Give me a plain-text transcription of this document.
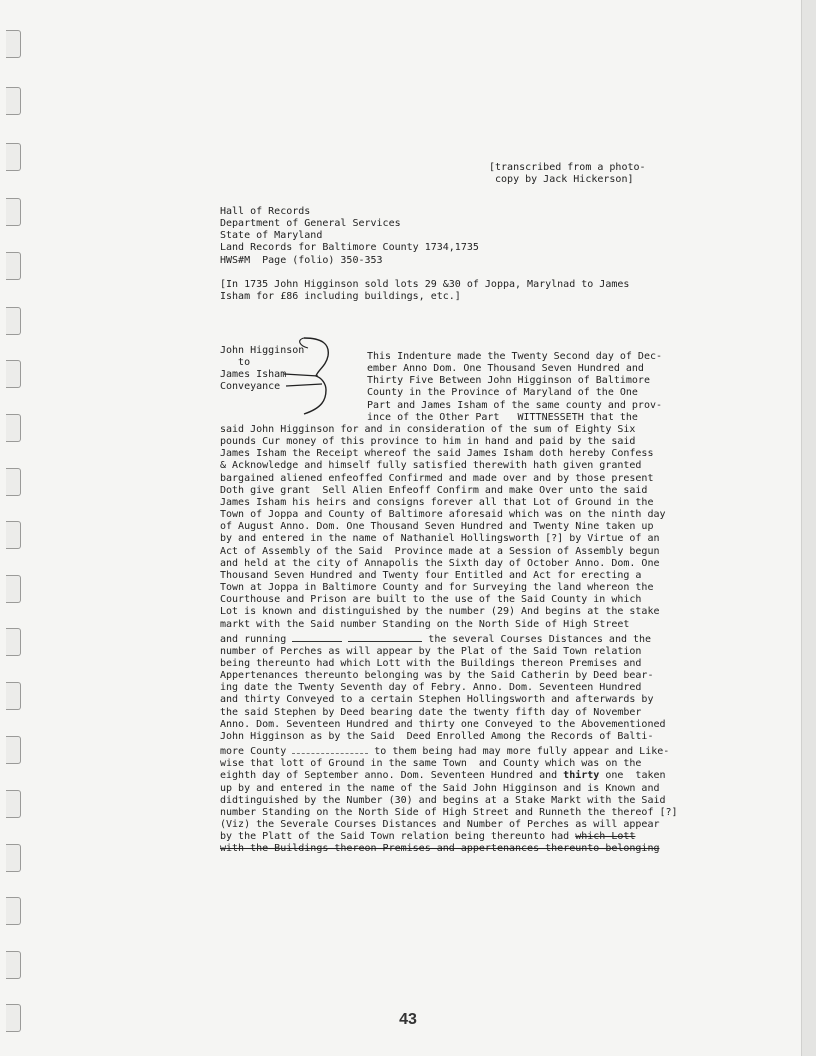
[transcribed from a photo-
copy by Jack Hickerson]
Hall of Records
Department of General Services
State of Maryland
Land Records for Baltimore County 1734,1735
HWS#M  Page (folio) 350-353
[In 1735 John Higginson sold lots 29 &30 of Joppa, Marylnad to James
Isham for £86 including buildings, etc.]
John Higginson
to
James Isham
Conveyance
This Indenture made the Twenty Second day of Dec-
ember Anno Dom. One Thousand Seven Hundred and
Thirty Five Between John Higginson of Baltimore
County in the Province of Maryland of the One
Part and James Isham of the same county and prov-
ince of the Other Part   WITTNESSETH that the
said John Higginson for and in consideration of the sum of Eighty Six
pounds Cur money of this province to him in hand and paid by the said
James Isham the Receipt whereof the said James Isham doth hereby Confess
& Acknowledge and himself fully satisfied therewith hath given granted
bargained aliened enfeoffed Confirmed and made over and by those present
Doth give grant  Sell Alien Enfeoff Confirm and make Over unto the said
James Isham his heirs and consigns forever all that Lot of Ground in the
Town of Joppa and County of Baltimore aforesaid which was on the ninth day
of August Anno. Dom. One Thousand Seven Hundred and Twenty Nine taken up
by and entered in the name of Nathaniel Hollingsworth [?] by Virtue of an
Act of Assembly of the Said  Province made at a Session of Assembly begun
and held at the city of Annapolis the Sixth day of October Anno. Dom. One
Thousand Seven Hundred and Twenty four Entitled and Act for erecting a
Town at Joppa in Baltimore County and for Surveying the land whereon the
Courthouse and Prison are built to the use of the Said County in which
Lot is known and distinguished by the number (29) And begins at the stake
markt with the Said number Standing on the North Side of High Street
and running	the several Courses Distances and the
number of Perches as will appear by the Plat of the Said Town relation
being thereunto had which Lott with the Buildings thereon Premises and
Appertenances thereunto belonging was by the Said Catherin by Deed bear-
ing date the Twenty Seventh day of Febry. Anno. Dom. Seventeen Hundred
and thirty Conveyed to a certain Stephen Hollingsworth and afterwards by
the said Stephen by Deed bearing date the twenty fifth day of November
Anno. Dom. Seventeen Hundred and thirty one Conveyed to the Abovementioned
John Higginson as by the Said  Deed Enrolled Among the Records of Balti-
more County	to them being had may more fully appear and Like-
wise that lott of Ground in the same Town  and County which was on the
eighth day of September anno. Dom. Seventeen Hundred and thirty one  taken
up by and entered in the name of the Said John Higginson and is Known and
didtinguished by the Number (30) and begins at a Stake Markt with the Said
number Standing on the North Side of High Street and Runneth the thereof [?]
(Viz) the Severale Courses Distances and Number of Perches as will appear
by the Platt of the Said Town relation being thereunto had which Lott
with the Buildings thereon Premises and appertenances thereunto belonging
43
